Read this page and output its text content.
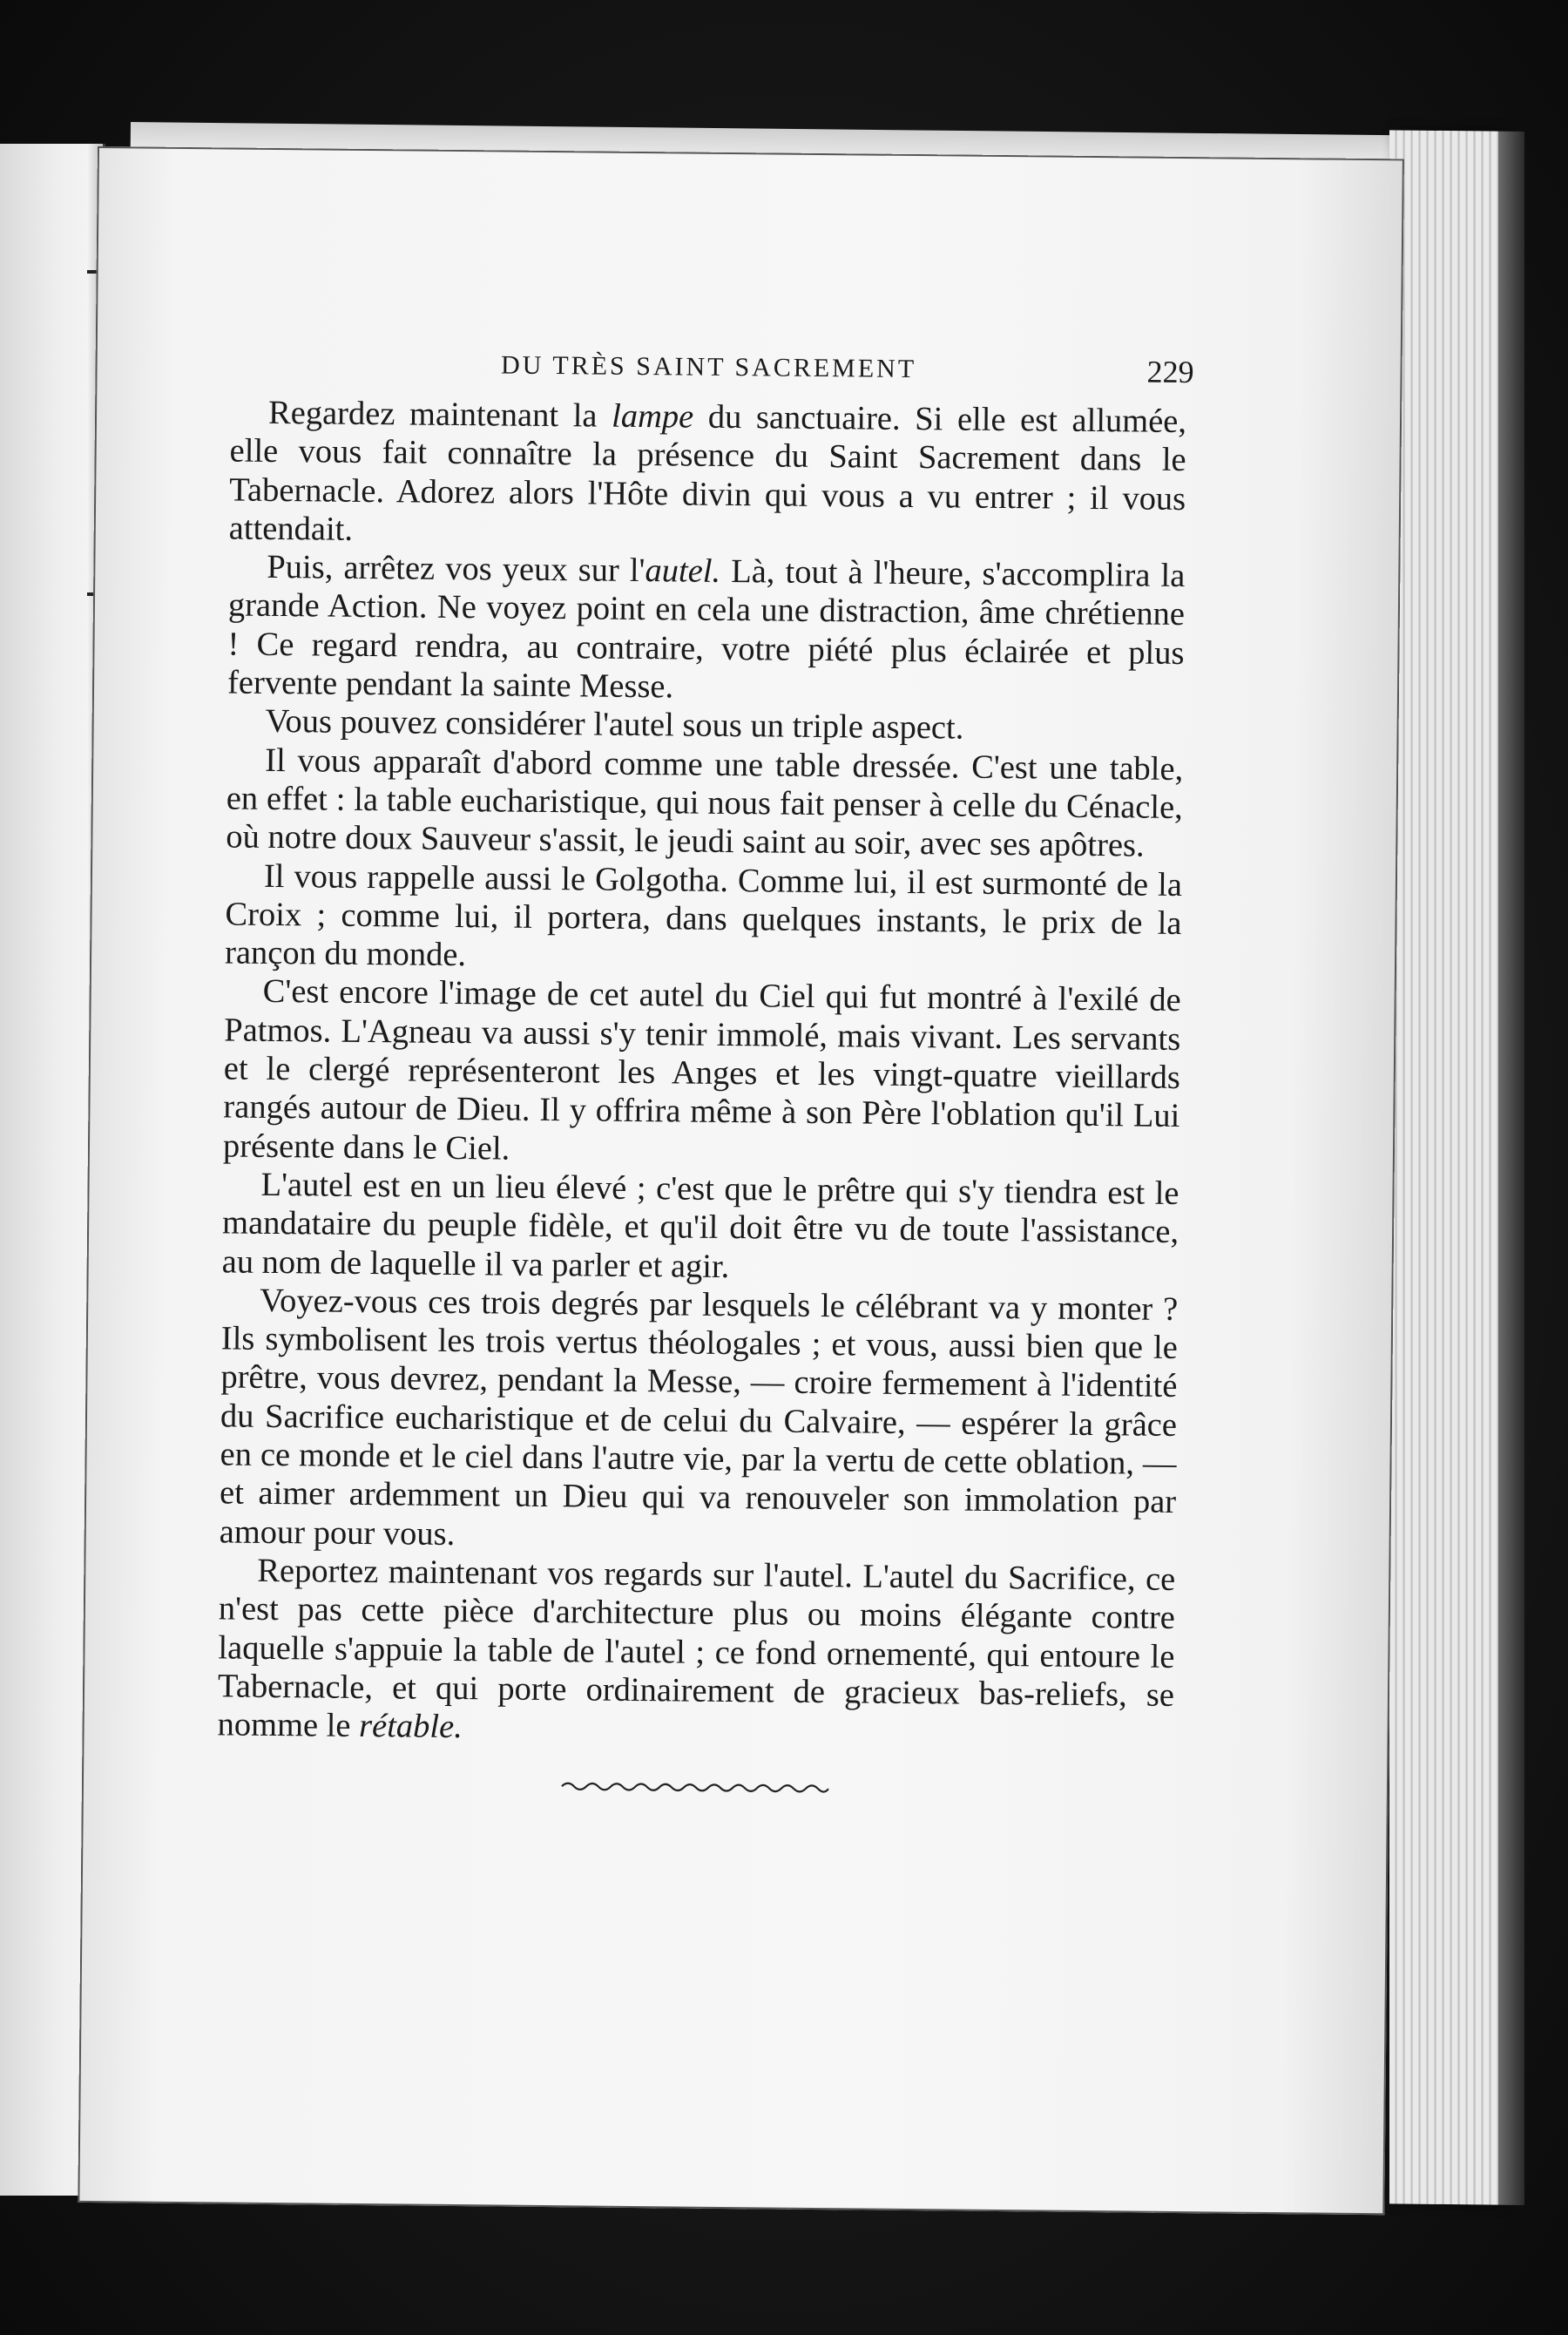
DU TRÈS SAINT SACREMENT	229

Regardez maintenant la lampe du sanctuaire. Si elle est allumée, elle vous fait connaître la présence du Saint Sacrement dans le Tabernacle. Adorez alors l'Hôte divin qui vous a vu entrer ; il vous attendait.

Puis, arrêtez vos yeux sur l'autel. Là, tout à l'heure, s'accomplira la grande Action. Ne voyez point en cela une distraction, âme chrétienne ! Ce regard rendra, au contraire, votre piété plus éclairée et plus fervente pendant la sainte Messe.

Vous pouvez considérer l'autel sous un triple aspect.

Il vous apparaît d'abord comme une table dressée. C'est une table, en effet : la table eucharistique, qui nous fait penser à celle du Cénacle, où notre doux Sauveur s'assit, le jeudi saint au soir, avec ses apôtres.

Il vous rappelle aussi le Golgotha. Comme lui, il est surmonté de la Croix ; comme lui, il portera, dans quelques instants, le prix de la rançon du monde.

C'est encore l'image de cet autel du Ciel qui fut montré à l'exilé de Patmos. L'Agneau va aussi s'y tenir immolé, mais vivant. Les servants et le clergé représenteront les Anges et les vingt-quatre vieillards rangés autour de Dieu. Il y offrira même à son Père l'oblation qu'il Lui présente dans le Ciel.

L'autel est en un lieu élevé ; c'est que le prêtre qui s'y tiendra est le mandataire du peuple fidèle, et qu'il doit être vu de toute l'assistance, au nom de laquelle il va parler et agir.

Voyez-vous ces trois degrés par lesquels le célébrant va y monter ? Ils symbolisent les trois vertus théologales ; et vous, aussi bien que le prêtre, vous devrez, pendant la Messe, — croire fermement à l'identité du Sacrifice eucharistique et de celui du Calvaire, — espérer la grâce en ce monde et le ciel dans l'autre vie, par la vertu de cette oblation, — et aimer ardemment un Dieu qui va renouveler son immolation par amour pour vous.

Reportez maintenant vos regards sur l'autel. L'autel du Sacrifice, ce n'est pas cette pièce d'architecture plus ou moins élégante contre laquelle s'appuie la table de l'autel ; ce fond ornementé, qui entoure le Tabernacle, et qui porte ordinairement de gracieux bas-reliefs, se nomme le rétable.
